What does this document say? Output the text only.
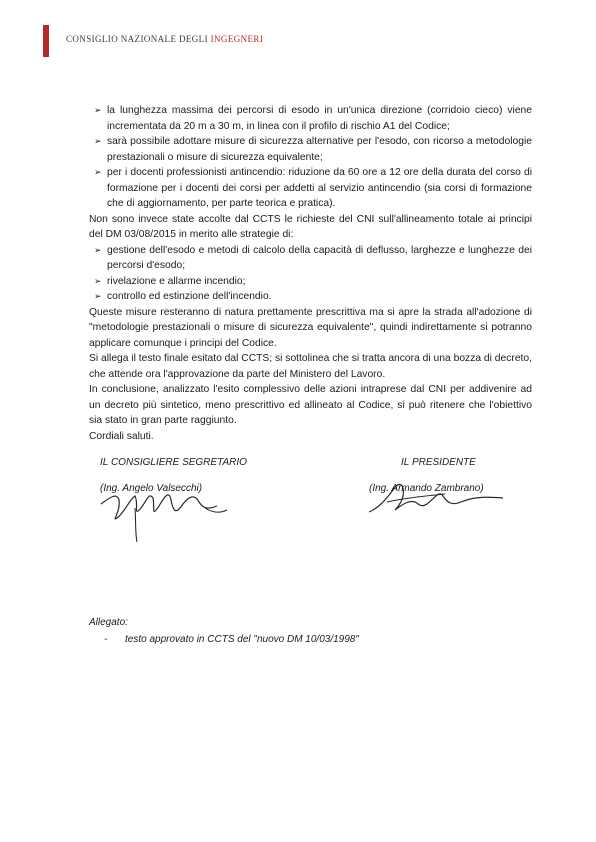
CONSIGLIO NAZIONALE DEGLI INGEGNERI
➢ la lunghezza massima dei percorsi di esodo in un'unica direzione (corridoio cieco) viene incrementata da 20 m a 30 m, in linea con il profilo di rischio A1 del Codice;
➢ sarà possibile adottare misure di sicurezza alternative per l'esodo, con ricorso a metodologie prestazionali o misure di sicurezza equivalente;
➢ per i docenti professionisti antincendio: riduzione da 60 ore a 12 ore della durata del corso di formazione per i docenti dei corsi per addetti al servizio antincendio (sia corsi di formazione che di aggiornamento, per parte teorica e pratica).

Non sono invece state accolte dal CCTS le richieste del CNI sull'allineamento totale ai principi del DM 03/08/2015 in merito alle strategie di:

➢ gestione dell'esodo e metodi di calcolo della capacità di deflusso, larghezze e lunghezze dei percorsi d'esodo;
➢ rivelazione e allarme incendio;
➢ controllo ed estinzione dell'incendio.

Queste misure resteranno di natura prettamente prescrittiva ma si apre la strada all'adozione di "metodologie prestazionali o misure di sicurezza equivalente", quindi indirettamente si potranno applicare comunque i principi del Codice.

Si allega il testo finale esitato dal CCTS; si sottolinea che si tratta ancora di una bozza di decreto, che attende ora l'approvazione da parte del Ministero del Lavoro.

In conclusione, analizzato l'esito complessivo delle azioni intraprese dal CNI per addivenire ad un decreto più sintetico, meno prescrittivo ed allineato al Codice, si può ritenere che l'obiettivo sia stato in gran parte raggiunto.

Cordiali saluti.

IL CONSIGLIERE SEGRETARIO
(Ing. Angelo Valsecchi)
IL PRESIDENTE
(Ing. Armando Zambrano)
Allegato:
- testo approvato in CCTS del "nuovo DM 10/03/1998"
